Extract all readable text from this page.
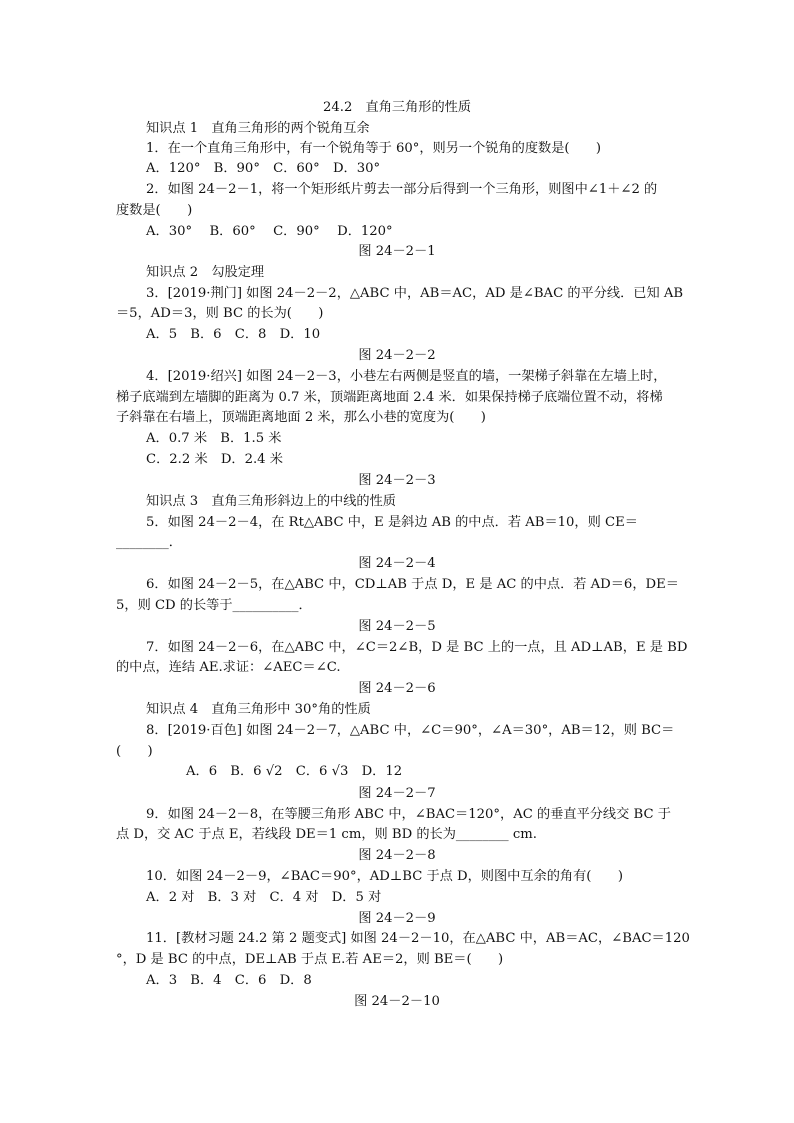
24.2　直角三角形的性质
知识点 1　直角三角形的两个锐角互余
1．在一个直角三角形中，有一个锐角等于 60°，则另一个锐角的度数是(　　)
A．120°　B．90°　C．60°　D．30°
2．如图 24－2－1，将一个矩形纸片剪去一部分后得到一个三角形，则图中∠1＋∠2 的
度数是(　　)
A．30°　 B．60°　 C．90°　 D．120°
图 24－2－1
知识点 2　勾股定理
3．[2019·荆门] 如图 24－2－2，△ABC 中，AB＝AC，AD 是∠BAC 的平分线．已知 AB
＝5，AD＝3，则 BC 的长为(　　)
A．5　B．6　C．8　D．10
图 24－2－2
4．[2019·绍兴] 如图 24－2－3，小巷左右两侧是竖直的墙，一架梯子斜靠在左墙上时，
梯子底端到左墙脚的距离为 0.7 米，顶端距离地面 2.4 米．如果保持梯子底端位置不动，将梯
子斜靠在右墙上，顶端距离地面 2 米，那么小巷的宽度为(　　)
A．0.7 米　B．1.5 米
C．2.2 米　D．2.4 米
图 24－2－3
知识点 3　直角三角形斜边上的中线的性质
5．如图 24－2－4，在 Rt△ABC 中，E 是斜边 AB 的中点．若 AB＝10，则 CE＝
________．
图 24－2－4
6．如图 24－2－5，在△ABC 中，CD⊥AB 于点 D，E 是 AC 的中点．若 AD＝6，DE＝
5，则 CD 的长等于__________．
图 24－2－5
7．如图 24－2－6，在△ABC 中，∠C＝2∠B，D 是 BC 上的一点，且 AD⊥AB，E 是 BD
的中点，连结 AE.求证：∠AEC＝∠C.
图 24－2－6
知识点 4　直角三角形中 30°角的性质
8．[2019·百色] 如图 24－2－7，△ABC 中，∠C＝90°，∠A＝30°，AB＝12，则 BC＝
(　　)
A．6　B．6 √2　C．6 √3　D．12
图 24－2－7
9．如图 24－2－8，在等腰三角形 ABC 中，∠BAC＝120°，AC 的垂直平分线交 BC 于
点 D，交 AC 于点 E，若线段 DE＝1 cm，则 BD 的长为________ cm.
图 24－2－8
10．如图 24－2－9，∠BAC＝90°，AD⊥BC 于点 D，则图中互余的角有(　　)
A．2 对　B．3 对　C．4 对　D．5 对
图 24－2－9
11．[教材习题 24.2 第 2 题变式] 如图 24－2－10，在△ABC 中，AB＝AC，∠BAC＝120
°，D 是 BC 的中点，DE⊥AB 于点 E.若 AE＝2，则 BE＝(　　)
A．3　B．4　C．6　D．8
图 24－2－10
